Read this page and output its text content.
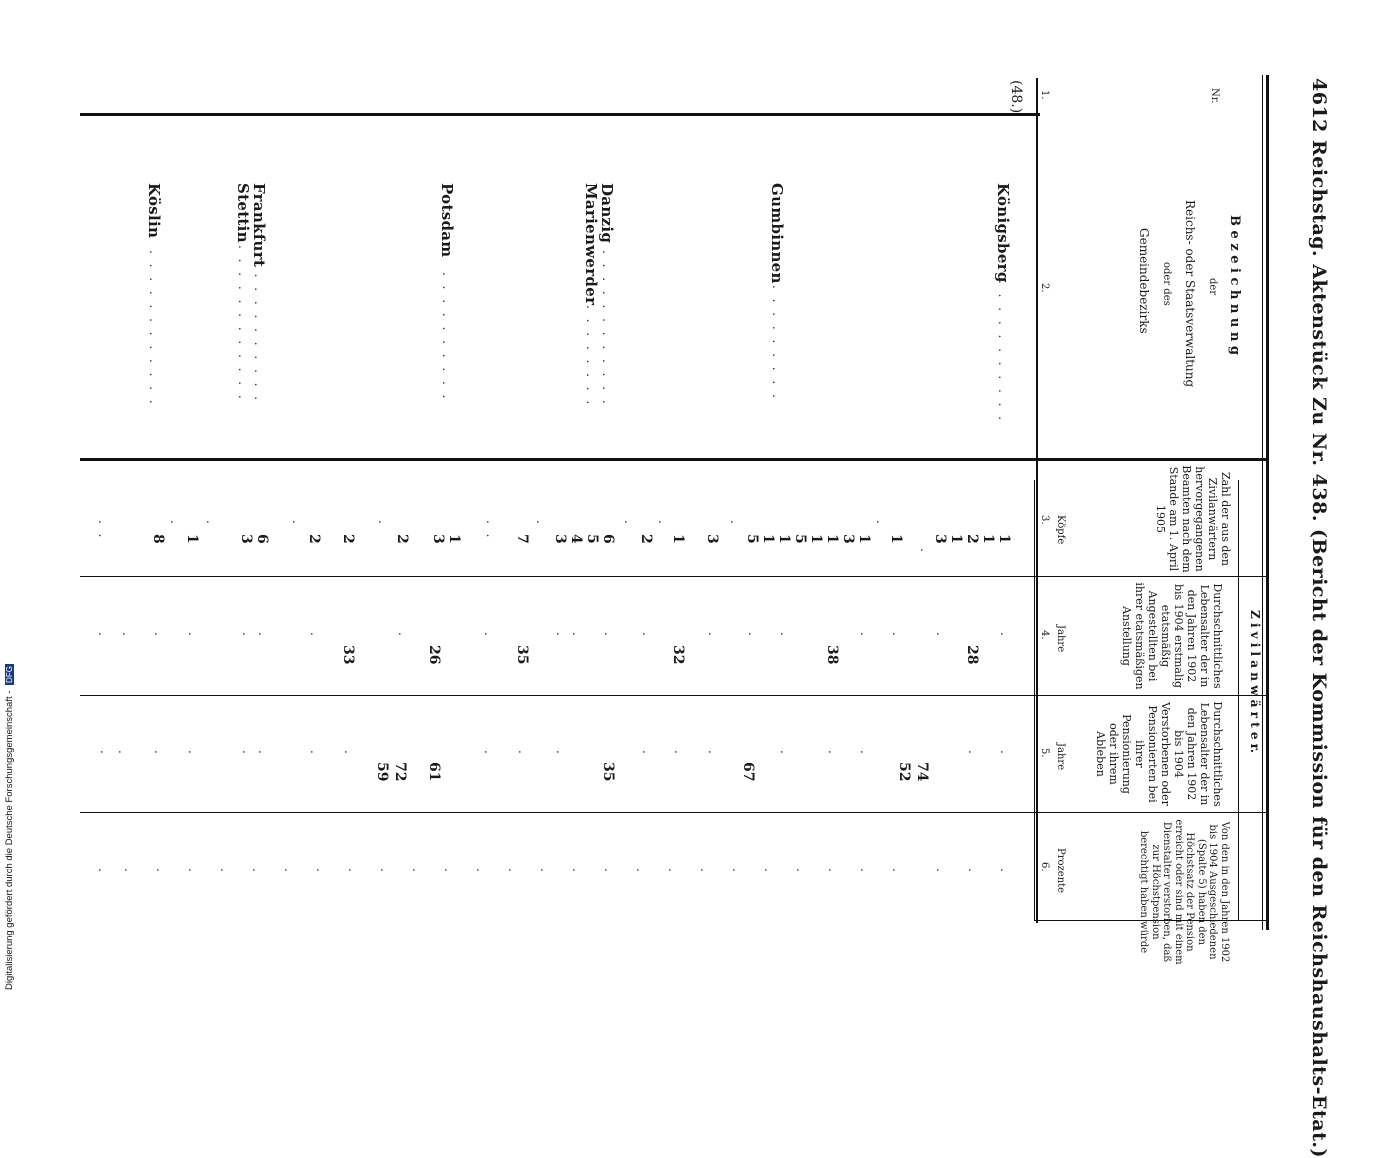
4612
Reichstag. Aktenstück Zu Nr. 438. (Bericht der Kommission für den Reichshaushalts-Etat.)
Nr.
1.
B e z e i c h n u n g
der
Reichs- oder Staatsverwaltung
oder des
Gemeindebezirks
2.
Z i v i l a n w ä r t e r.
Zahl der aus den Zivilanwärtern hervorgegangenen Beamten nach dem Stande am 1. April 1905
Köpfe
3.
Durchschnittliches Lebensalter der in den Jahren 1902 bis 1904 erstmalig etatsmäßig Angestellten bei ihrer etatsmäßigen Anstellung
Jahre
4.
Durchschnittliches Lebensalter der in den Jahren 1902 bis 1904 Verstorbenen oder Pensionierten bei ihrer Pensionierung oder ihrem Ableben
Jahre
5.
Von den in den Jahren 1902 bis 1904 Ausgeschiedenen (Spalte 5) haben den Höchstsatz der Pension erreicht oder sind mit einem Dienstalter verstorben, daß zur Höchstpension berechtigt haben würde
Prozente
6.
(48.)
Königsberg
Gumbinnen
Danzig
Marienwerder
Potsdam
Frankfurt
Stettin
Köslin
. . . . . . . . . . .
. . . . . . . . .
. . . . . . . . . . . .
. . . . . . . .
. . . . . . . . . .
. . . . . . . . . . .
. . . . . . . . . . . .
. . . . . . . . . . . .
1
1
2
1
3
1
1
3
1
1
5
1
1
5
3
1
2
6
5
4
3
7
1
3
2
2
2
6
3
1
8
.
.
.
.
.
.
. .
.
.
.
.
. .
28
38
32
35
26
33
.
.
.
.
.
.
.
.
.
.
.
.
.
.
.
.
.
.
.
.
74
52
67
35
61
72
59
.
.
.
.
.
.
.
.
.
.
.
.
.
.
.
.
.
.
.
.
.
.
.
.
.
.
.
.
.
.
.
.
.
.
.
.
.
.
.
.
.
.
.
.
.
.
.
.
Digitalisierung gefördert durch die Deutsche Forschungsgemeinschaft - DFG
